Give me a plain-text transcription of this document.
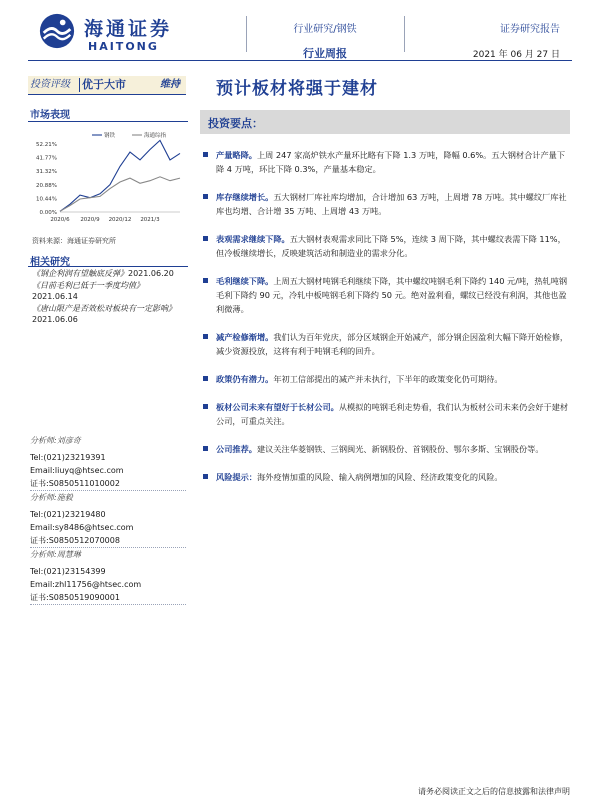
海通证券
HAITONG
行业研究/钢铁
行业周报
证券研究报告
2021 年 06 月 27 日
投资评级 优于大市	维持 预计板材将强于建材
市场表现
52.21%
41.77%
31.32%
20.88%
10.44%
0.00%
2020/6 2020/9 2020/12 2021/3
钢铁	海通综指
资料来源：海通证券研究所
相关研究
《钢企利润有望触底反弹》2021.06.20
《目前毛利已低于一季度均值》
2021.06.14
《唐山限产是否效松对板块有一定影响》
2021.06.06
分析师:刘彦奇
Tel:(021)23219391
Email:liuyq@htsec.com
证书:S0850511010002
分析师:施毅
Tel:(021)23219480
Email:sy8486@htsec.com
证书:S0850512070008
分析师:周慧琳
Tel:(021)23154399
Email:zhl11756@htsec.com
证书:S0850519090001
投资要点：
产量略降。上周 247 家高炉铁水产量环比略有下降 1.3 万吨，降幅 0.6%。五大钢材合计产量下降 4 万吨，环比下降 0.3%，产量基本稳定。
库存继续增长。五大钢材厂库社库均增加，合计增加 63 万吨，上周增 78 万吨。其中螺纹厂库社库也均增、合计增 35 万吨、上周增 43 万吨。
表观需求继续下降。五大钢材表观需求同比下降 5%，连续 3 周下降，其中螺纹表需下降 11%，但冷板继续增长，反映建筑活动和制造业的需求分化。
毛利继续下降。上周五大钢材吨钢毛利继续下降，其中螺纹吨钢毛利下降约 140 元/吨，热轧吨钢毛利下降约 90 元，冷轧中板吨钢毛利下降约 50 元。绝对盈利看，螺纹已经没有利润，其他也盈利微薄。
减产检修渐增。我们认为百年党庆，部分区域钢企开始减产，部分钢企因盈利大幅下降开始检修，减少资源投放，这将有利于吨钢毛利的回升。
政策仍有潜力。年初工信部提出的减产并未执行，下半年的政策变化仍可期待。
板材公司未来有望好于长材公司。从模拟的吨钢毛利走势看，我们认为板材公司未来仍会好于建材公司，可重点关注。
公司推荐。建议关注华菱钢铁、三钢闽光、新钢股份、首钢股份、鄂尔多斯、宝钢股份等。
风险提示：海外疫情加重的风险、输入病例增加的风险、经济政策变化的风险。
请务必阅读正文之后的信息披露和法律声明
